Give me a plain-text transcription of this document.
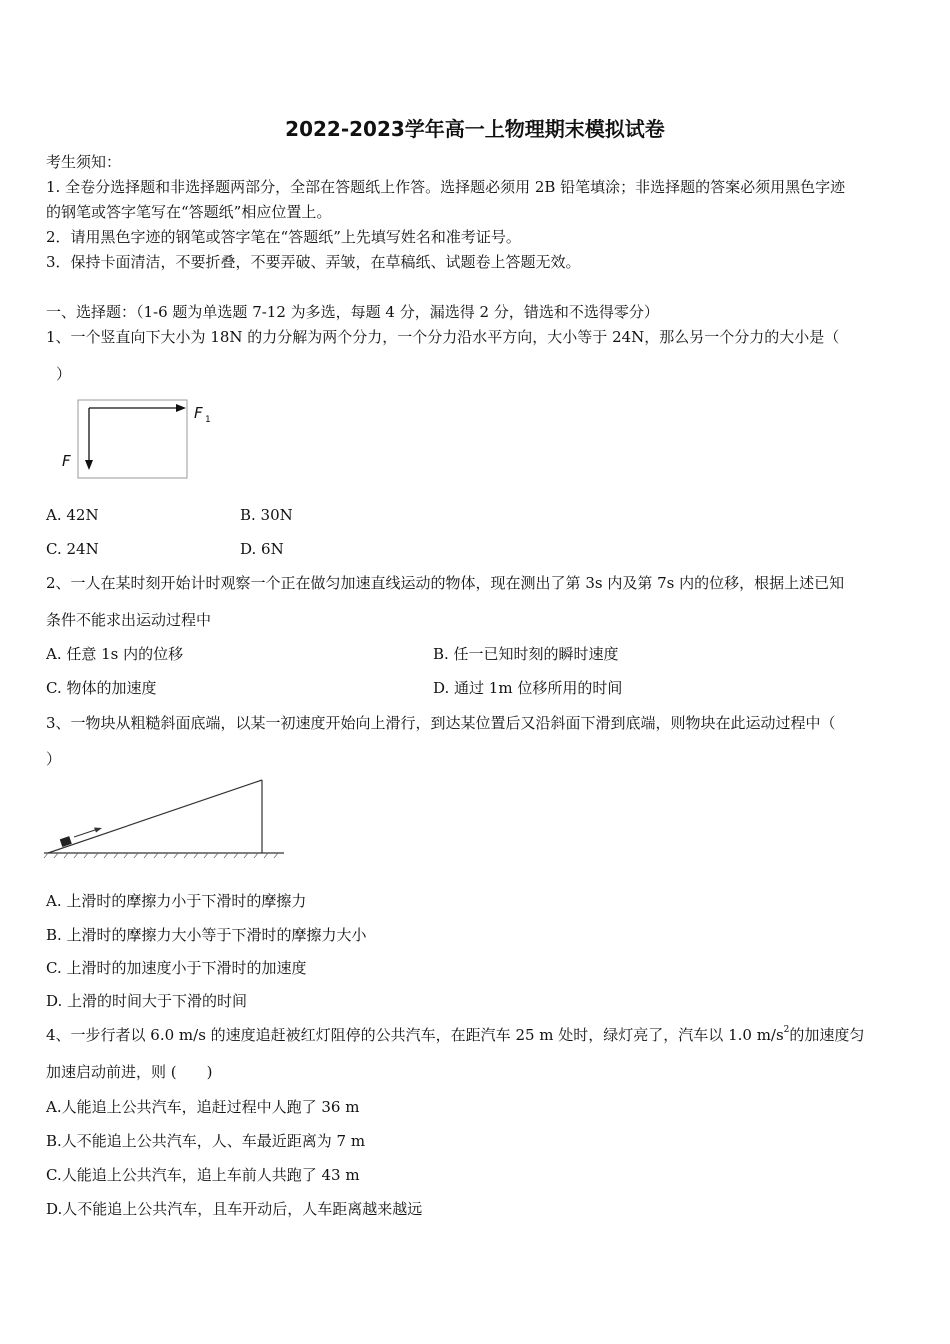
2022-2023学年高一上物理期末模拟试卷
考生须知：
1. 全卷分选择题和非选择题两部分，全部在答题纸上作答。选择题必须用 2B 铅笔填涂；非选择题的答案必须用黑色字迹
的钢笔或答字笔写在“答题纸”相应位置上。
2．请用黑色字迹的钢笔或答字笔在“答题纸”上先填写姓名和准考证号。
3．保持卡面清洁，不要折叠，不要弄破、弄皱，在草稿纸、试题卷上答题无效。
一、选择题：（1-6 题为单选题 7-12 为多选，每题 4 分，漏选得 2 分，错选和不选得零分）
1、一个竖直向下大小为 18N 的力分解为两个分力，一个分力沿水平方向，大小等于 24N，那么另一个分力的大小是（
）
F 1
F
A. 42N	B. 30N
C. 24N	D. 6N
2、一人在某时刻开始计时观察一个正在做匀加速直线运动的物体，现在测出了第 3s 内及第 7s 内的位移，根据上述已知
条件不能求出运动过程中
A. 任意 1s 内的位移	B. 任一已知时刻的瞬时速度
C. 物体的加速度	D. 通过 1m 位移所用的时间
3、一物块从粗糙斜面底端，以某一初速度开始向上滑行，到达某位置后又沿斜面下滑到底端，则物块在此运动过程中（
）
A. 上滑时的摩擦力小于下滑时的摩擦力
B. 上滑时的摩擦力大小等于下滑时的摩擦力大小
C. 上滑时的加速度小于下滑时的加速度
D. 上滑的时间大于下滑的时间
4、一步行者以 6.0 m/s 的速度追赶被红灯阻停的公共汽车，在距汽车 25 m 处时，绿灯亮了，汽车以 1.0 $m/s^2$的加速度匀
加速启动前进，则 (　　)
A.人能追上公共汽车，追赶过程中人跑了 36 m
B.人不能追上公共汽车，人、车最近距离为 7 m
C.人能追上公共汽车，追上车前人共跑了 43 m
D.人不能追上公共汽车，且车开动后，人车距离越来越远
